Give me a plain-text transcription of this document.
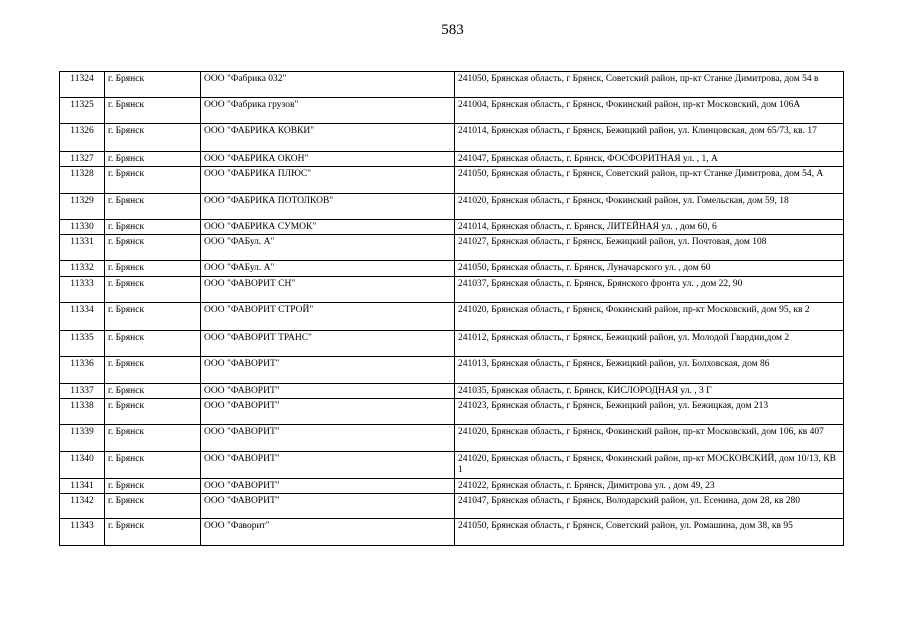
583
11324	г. Брянск	ООО "Фабрика 032"	241050, Брянская область, г Брянск, Советский район, пр-кт Станке Димитрова, дом 54 в
11325	г. Брянск	ООО "Фабрика грузов"	241004, Брянская область, г Брянск, Фокинский район, пр-кт Московский, дом 106А
11326	г. Брянск	ООО "ФАБРИКА КОВКИ"	241014, Брянская область, г Брянск, Бежицкий район, ул. Клинцовская, дом 65/73, кв. 17
11327	г. Брянск	ООО "ФАБРИКА ОКОН"	241047, Брянская область, г. Брянск, ФОСФОРИТНАЯ ул. , 1, А
11328	г. Брянск	ООО "ФАБРИКА ПЛЮС"	241050, Брянская область, г Брянск, Советский район, пр-кт Станке Димитрова, дом 54, А
11329	г. Брянск	ООО "ФАБРИКА ПОТОЛКОВ"	241020, Брянская область, г Брянск, Фокинский район, ул. Гомельская, дом 59, 18
11330	г. Брянск	ООО "ФАБРИКА СУМОК"	241014, Брянская область, г. Брянск, ЛИТЕЙНАЯ ул. , дом 60, 6
11331	г. Брянск	ООО "ФАБул. А"	241027, Брянская область, г Брянск, Бежицкий район, ул. Почтовая, дом 108
11332	г. Брянск	ООО "ФАБул. А"	241050, Брянская область, г. Брянск, Луначарского ул. , дом 60
11333	г. Брянск	ООО "ФАВОРИТ СН"	241037, Брянская область, г. Брянск, Брянского фронта ул. , дом 22, 90
11334	г. Брянск	ООО "ФАВОРИТ СТРОЙ"	241020, Брянская область, г Брянск, Фокинский район, пр-кт Московский, дом 95, кв 2
11335	г. Брянск	ООО "ФАВОРИТ ТРАНС"	241012, Брянская область, г Брянск, Бежицкий район, ул. Молодой Гвардии,дом 2
11336	г. Брянск	ООО "ФАВОРИТ"	241013, Брянская область, г Брянск, Бежицкий район, ул. Болховская, дом 86
11337	г. Брянск	ООО "ФАВОРИТ"	241035, Брянская область, г. Брянск, КИСЛОРОДНАЯ ул. , 3 Г
11338	г. Брянск	ООО "ФАВОРИТ"	241023, Брянская область, г Брянск, Бежицкий район, ул. Бежицкая, дом 213
11339	г. Брянск	ООО "ФАВОРИТ"	241020, Брянская область, г Брянск, Фокинский район, пр-кт Московский, дом 106, кв 407
11340	г. Брянск	ООО "ФАВОРИТ"	241020, Брянская область, г Брянск, Фокинский район, пр-кт МОСКОВСКИЙ, дом 10/13, КВ 1
11341	г. Брянск	ООО "ФАВОРИТ"	241022, Брянская область, г. Брянск, Димитрова ул. , дом 49, 23
11342	г. Брянск	ООО "ФАВОРИТ"	241047, Брянская область, г Брянск, Володарский район, ул. Есенина, дом 28, кв 280
11343	г. Брянск	ООО "Фаворит"	241050, Брянская область, г Брянск, Советский район, ул. Ромашина, дом 38, кв 95
